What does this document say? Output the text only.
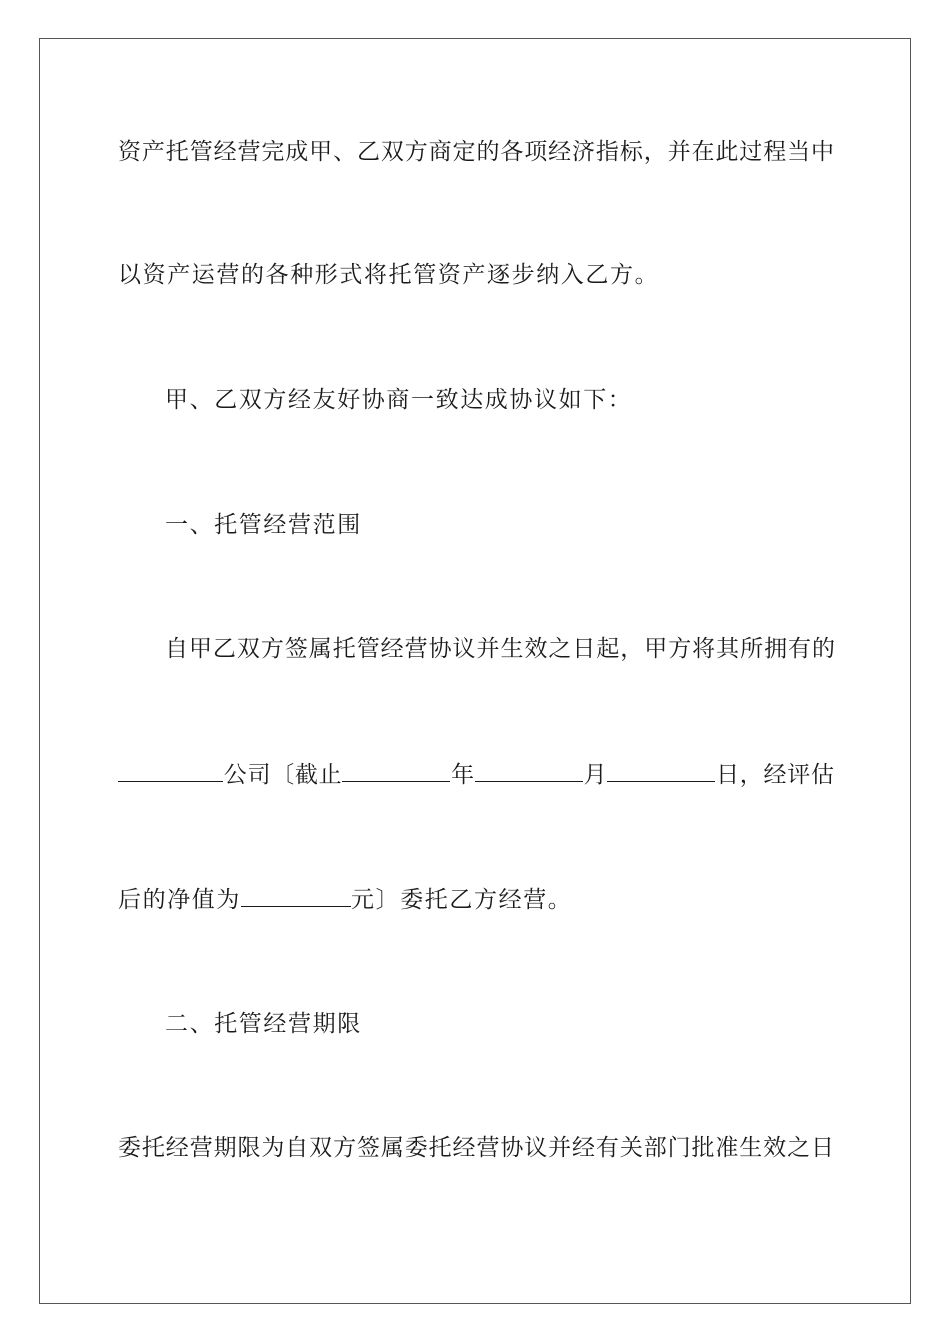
资产托管经营完成甲、乙双方商定的各项经济指标，并在此过程当中
以资产运营的各种形式将托管资产逐步纳入乙方。
甲、乙双方经友好协商一致达成协议如下：
一、托管经营范围
自甲乙双方签属托管经营协议并生效之日起，甲方将其所拥有的
公司〔截止	年	月	日，经评估
后的净值为	元〕委托乙方经营。
二、托管经营期限
委托经营期限为自双方签属委托经营协议并经有关部门批准生效之日
